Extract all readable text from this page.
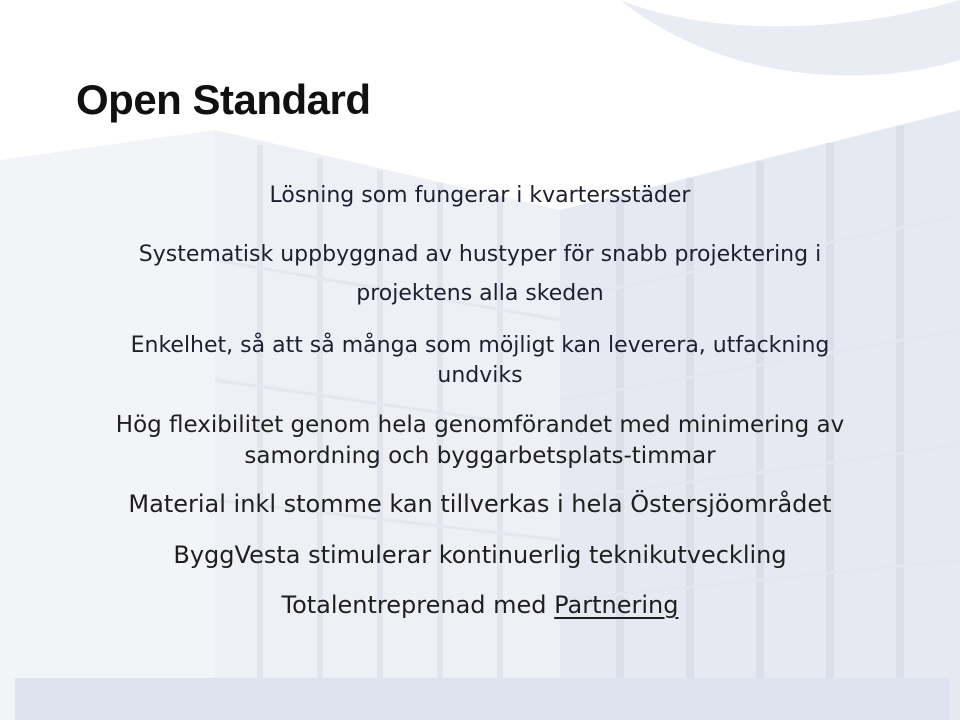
Open Standard

Lösning som fungerar i kvartersstäder

Systematisk uppbyggnad av hustyper för snabb projektering i

projektens alla skeden

Enkelhet, så att så många som möjligt kan leverera, utfackning

undviks

Hög flexibilitet genom hela genomförandet med minimering av

samordning och byggarbetsplats-timmar

Material inkl stomme kan tillverkas i hela Östersjöområdet

ByggVesta stimulerar kontinuerlig teknikutveckling

Totalentreprenad med Partnering
